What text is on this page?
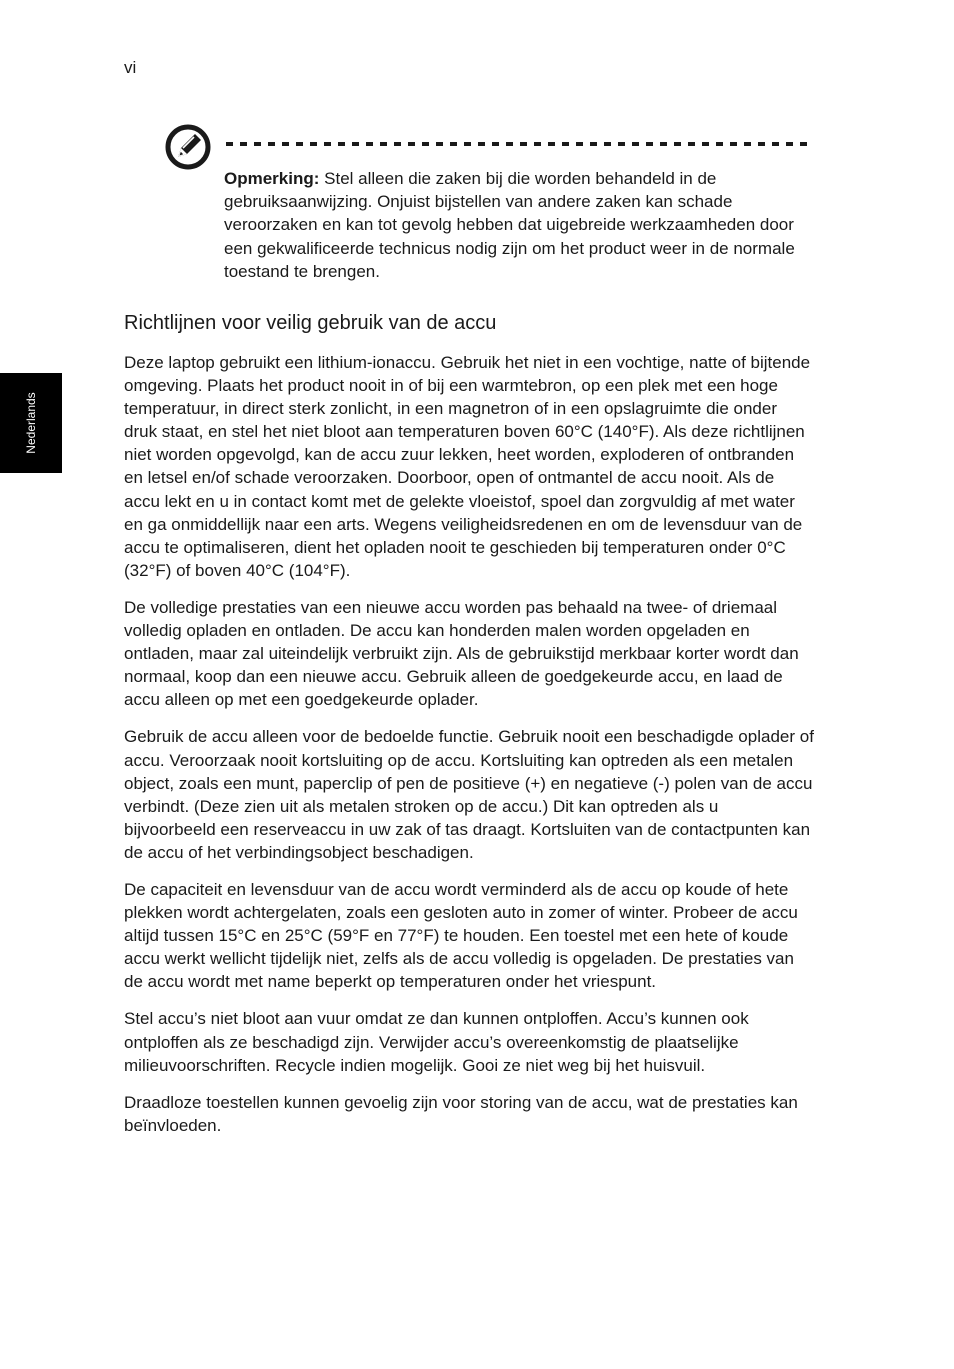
vi
Nederlands
Opmerking: Stel alleen die zaken bij die worden behandeld in de gebruiksaanwijzing. Onjuist bijstellen van andere zaken kan schade veroorzaken en kan tot gevolg hebben dat uigebreide werkzaamheden door een gekwalificeerde technicus nodig zijn om het product weer in de normale toestand te brengen.
Richtlijnen voor veilig gebruik van de accu

Deze laptop gebruikt een lithium-ionaccu. Gebruik het niet in een vochtige, natte of bijtende omgeving. Plaats het product nooit in of bij een warmtebron, op een plek met een hoge temperatuur, in direct sterk zonlicht, in een magnetron of in een opslagruimte die onder druk staat, en stel het niet bloot aan temperaturen boven 60°C (140°F). Als deze richtlijnen niet worden opgevolgd, kan de accu zuur lekken, heet worden, exploderen of ontbranden en letsel en/of schade veroorzaken. Doorboor, open of ontmantel de accu nooit. Als de accu lekt en u in contact komt met de gelekte vloeistof, spoel dan zorgvuldig af met water en ga onmiddellijk naar een arts. Wegens veiligheidsredenen en om de levensduur van de accu te optimaliseren, dient het opladen nooit te geschieden bij temperaturen onder 0°C (32°F) of boven 40°C (104°F).

De volledige prestaties van een nieuwe accu worden pas behaald na twee- of driemaal volledig opladen en ontladen. De accu kan honderden malen worden opgeladen en ontladen, maar zal uiteindelijk verbruikt zijn. Als de gebruikstijd merkbaar korter wordt dan normaal, koop dan een nieuwe accu. Gebruik alleen de goedgekeurde accu, en laad de accu alleen op met een goedgekeurde oplader.

Gebruik de accu alleen voor de bedoelde functie. Gebruik nooit een beschadigde oplader of accu. Veroorzaak nooit kortsluiting op de accu. Kortsluiting kan optreden als een metalen object, zoals een munt, paperclip of pen de positieve (+) en negatieve (-) polen van de accu verbindt. (Deze zien uit als metalen stroken op de accu.) Dit kan optreden als u bijvoorbeeld een reserveaccu in uw zak of tas draagt. Kortsluiten van de contactpunten kan de accu of het verbindingsobject beschadigen.

De capaciteit en levensduur van de accu wordt verminderd als de accu op koude of hete plekken wordt achtergelaten, zoals een gesloten auto in zomer of winter. Probeer de accu altijd tussen 15°C en 25°C (59°F en 77°F) te houden. Een toestel met een hete of koude accu werkt wellicht tijdelijk niet, zelfs als de accu volledig is opgeladen. De prestaties van de accu wordt met name beperkt op temperaturen onder het vriespunt.

Stel accu’s niet bloot aan vuur omdat ze dan kunnen ontploffen. Accu’s kunnen ook ontploffen als ze beschadigd zijn. Verwijder accu’s overeenkomstig de plaatselijke milieuvoorschriften. Recycle indien mogelijk. Gooi ze niet weg bij het huisvuil.

Draadloze toestellen kunnen gevoelig zijn voor storing van de accu, wat de prestaties kan beïnvloeden.
